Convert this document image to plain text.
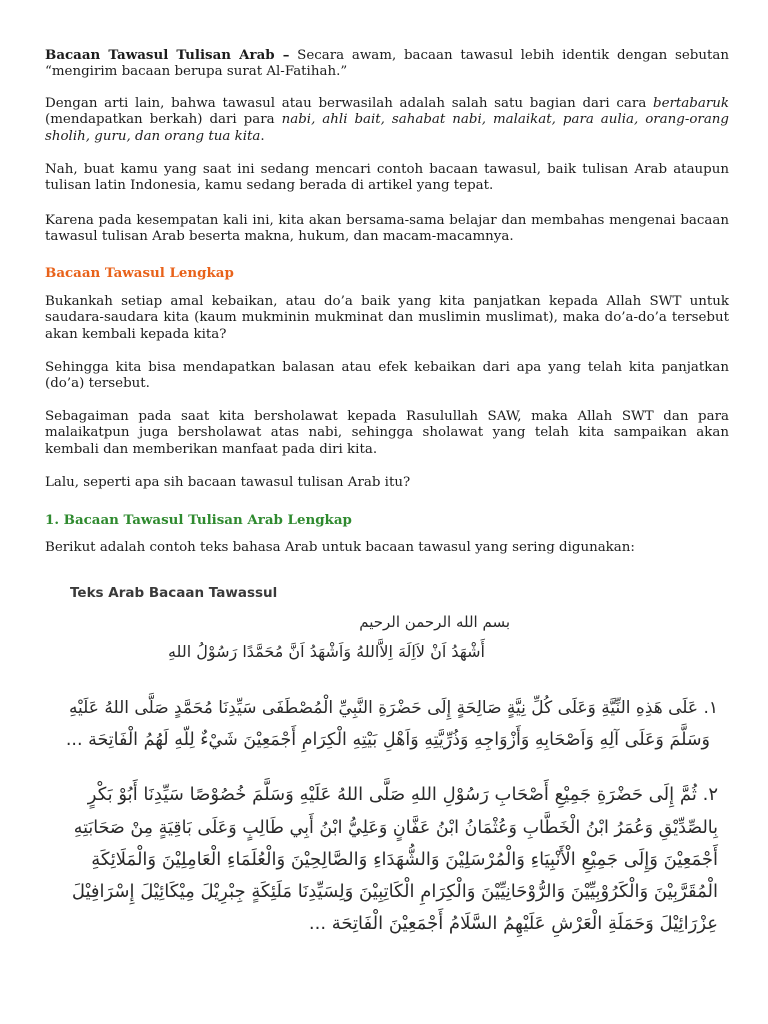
Bacaan Tawasul Tulisan Arab – Secara awam, bacaan tawasul lebih identik dengan sebutan “mengirim bacaan berupa surat Al-Fatihah.”

Dengan arti lain, bahwa tawasul atau berwasilah adalah salah satu bagian dari cara bertabaruk (mendapatkan berkah) dari para nabi, ahli bait, sahabat nabi, malaikat, para aulia, orang-orang sholih, guru, dan orang tua kita.

Nah, buat kamu yang saat ini sedang mencari contoh bacaan tawasul, baik tulisan Arab ataupun tulisan latin Indonesia, kamu sedang berada di artikel yang tepat.

Karena pada kesempatan kali ini, kita akan bersama-sama belajar dan membahas mengenai bacaan tawasul tulisan Arab beserta makna, hukum, dan macam-macamnya.

Bacaan Tawasul Lengkap

Bukankah setiap amal kebaikan, atau do’a baik yang kita panjatkan kepada Allah SWT untuk saudara-saudara kita (kaum mukminin mukminat dan muslimin muslimat), maka do’a-do’a tersebut akan kembali kepada kita?

Sehingga kita bisa mendapatkan balasan atau efek kebaikan dari apa yang telah kita panjatkan (do’a) tersebut.

Sebagaiman pada saat kita bersholawat kepada Rasulullah SAW, maka Allah SWT dan para malaikatpun juga bersholawat atas nabi, sehingga sholawat yang telah kita sampaikan akan kembali dan memberikan manfaat pada diri kita.

Lalu, seperti apa sih bacaan tawasul tulisan Arab itu?

1. Bacaan Tawasul Tulisan Arab Lengkap

Berikut adalah contoh teks bahasa Arab untuk bacaan tawasul yang sering digunakan:

Teks Arab Bacaan Tawassul

بسم الله الرحمن الرحيم

أَشْهَدُ اَنْ لاَاِلَهَ اِلاَّاللهُ وَاَشْهَدُ اَنَّ مُحَمَّدًا رَسُوْلُ اللهِ

١. عَلَى هَذِهِ النِّيَّةِ وَعَلَى كُلِّ نِيَّةٍ صَالِحَةٍ إِلَى حَضْرَةِ النَّبِيِّ الْمُصْطَفَى سَيِّدِنَا مُحَمَّدٍ صَلَّى اللهُ عَلَيْهِ

وَسَلَّمَ وَعَلَى آلِهِ وَاَصْحَابِهِ وَأَزْوَاجِهِ وَذُرِّيَّتِهِ وَاَهْلِ بَيْتِهِ الْكِرَامِ أَجْمَعِيْنَ شَيْءٌ لِلّهِ لَهُمُ الْفَاتِحَة ...

٢. ثُمَّ إِلَى حَضْرَةِ جَمِيْعِ أَصْحَابِ رَسُوْلِ اللهِ صَلَّى اللهُ عَلَيْهِ وَسَلَّمَ خُصُوْصًا سَيِّدِنَا أَبُوْ بَكْرٍ

بِالصِّدِّيْقِ وَعُمَرُ ابْنُ الْخَطَّابِ وَعُثْمَانُ ابْنُ عَفَّانٍ وَعَلِيُّ ابْنُ أَبِي طَالِبٍ وَعَلَى بَاقِيَةٍ مِنْ صَحَابَتِهِ

أَجْمَعِيْنَ وَإِلَى جَمِيْعِ الْأَنْبِيَاءِ وَالْمُرْسَلِيْنَ وَالشُّهَدَاءِ وَالصَّالِحِيْنَ وَالْعُلَمَاءِ الْعَامِلِيْنَ وَالْمَلَائِكَةِ

الْمُقَرَّبِيْنَ وَالْكَرُوْبِيِّيْنَ وَالرُّوْحَانِيِّيْنَ وَالْكِرَامِ الْكَاتِبِيْنَ وَلِسَيِّدِنَا مَلَئِكَةٍ جِبْرِيْلَ مِيْكَائِيْلَ إِسْرَافِيْلَ

عِزْرَائِيْلَ وَحَمَلَةِ الْعَرْشِ عَلَيْهِمُ السَّلَامُ أَجْمَعِيْنَ الْفَاتِحَة ...
